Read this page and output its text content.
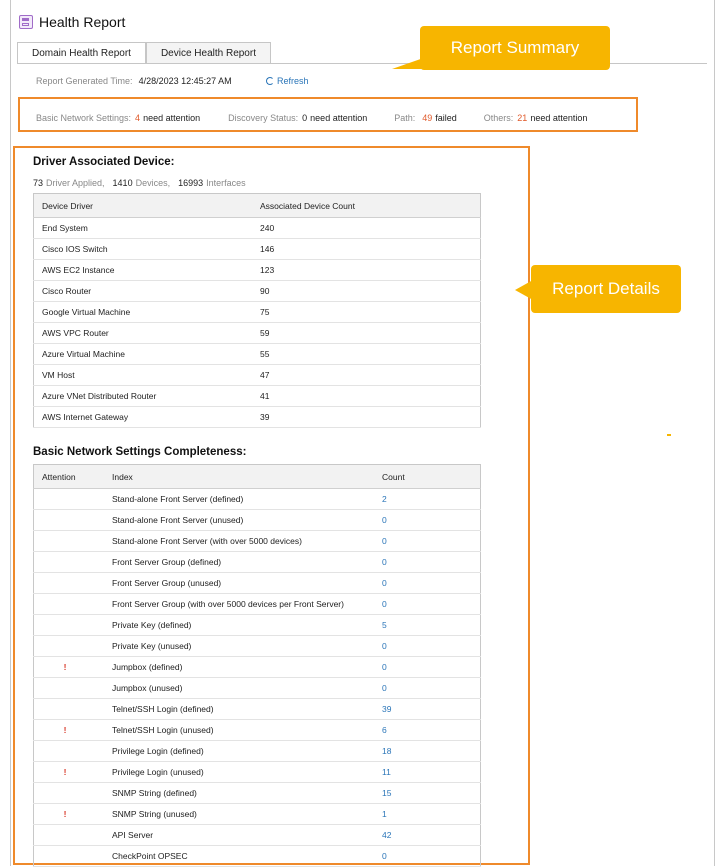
Health Report
Domain Health Report	Device Health Report
Report Generated Time: 4/28/2023 12:45:27 AM	Refresh
Basic Network Settings: 4 need attention	Discovery Status: 0 need attention	Path: 49 failed	Others: 21 need attention
Report Summary
Report Details
Driver Associated Device:
73 Driver Applied, 1410 Devices, 16993 Interfaces
Device Driver	Associated Device Count
End System	240
Cisco IOS Switch	146
AWS EC2 Instance	123
Cisco Router	90
Google Virtual Machine	75
AWS VPC Router	59
Azure Virtual Machine	55
VM Host	47
Azure VNet Distributed Router	41
AWS Internet Gateway	39
Basic Network Settings Completeness:
Attention	Index	Count
	Stand-alone Front Server (defined)	2
	Stand-alone Front Server (unused)	0
	Stand-alone Front Server (with over 5000 devices)	0
	Front Server Group (defined)	0
	Front Server Group (unused)	0
	Front Server Group (with over 5000 devices per Front Server)	0
	Private Key (defined)	5
	Private Key (unused)	0
!	Jumpbox (defined)	0
	Jumpbox (unused)	0
	Telnet/SSH Login (defined)	39
!	Telnet/SSH Login (unused)	6
	Privilege Login (defined)	18
!	Privilege Login (unused)	11
	SNMP String (defined)	15
!	SNMP String (unused)	1
	API Server	42
	CheckPoint OPSEC	0
